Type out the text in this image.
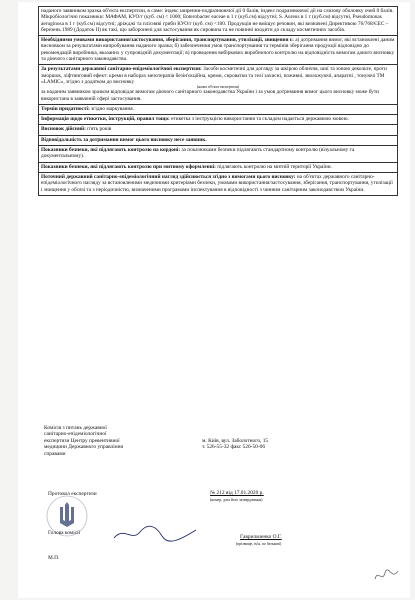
наданого заявником зразка об'єкта експертизи, в саме: індекс ширення-подразнюючої дії 0 балів, індекс подразнюючої дії на слизову оболонку очей 0 балів. Мікробіологічні показники: МАФАМ, КУО/г (куб. см) < 1000; Enterobacter еасеае в 1 г (куб.см) відсутні; S. Aureus в 1 г (куб.см) відсутні, Pseudomonas aeruginosa в 1 г (куб.см) відсутні; дріжджі та пліснявi гриби КУО/г (куб. см) <100. Продукція не вміщує речовин, які визначені Директивою 76/768/ЄЕС – березень 1989 (Додаток II) як такі, що заборонені для застосування як сировина та не повинні входити до складу косметичних засобів.

Необхідними умовами використання/застосування, зберігання, транспортування, утилізації, знищення є: а) дотримання вимог, які встановлені даним висновком за результатами випробування наданого зразка; б) забезпечення умов транспортування та термінів зберігання продукції відповідно до рекомендацій виробника, вказаних у супровідній документації; в) проведення вибіркових виробничого контролю на відповідність вимогам даного висновку та діючого санітарного законодавства.

За результатами державної санітарно-епідеміологічної експертизи: Засоби косметичні для догляду за шкірою обличчя, шиї та зоною декольте, проти зморшок, ліфтинговий ефект: креми в наборах мезотерапія безін'єкційна, креми, сироватки та гелі захисні, поживні, зволожуючі, апаратні , тонуючі ТМ «LAMIC», згідно з додатком до висновку

(назва об'єкта експертизи)

за наданим заявником зразком відповідає вимогам діючого санітарного законодавства України і за умов дотримання вимог цього висновку може бути використана в заявленій сфері застосування.

Термін придатності: згідно маркування.

Інформація щодо етикетки, інструкцій, правил тощо: етикетка з інструкцією використання та складом надається державною мовою.

Висновок дійсний: п'ять років

Відповідальність за дотримання вимог цього висновку несе заявник.

Показники безпеки, які підлягають контролю на кордоні: за показниками безпеки підлягають стандартному контролю (візуальному та документальному).

Показники безпеки, які підлягають контролю при митному оформленні: підлягають контролю на митній території України.

Поточний державний санітарно-епідеміологічний нагляд здійснюється згідно з вимогами цього висновку: на об'єктах державного санітарно-епідеміологічного нагляду за встановленими медичними критеріями безпеки, умовами використання/застосування, зберігання, транспортування, утилізації і знищення у обсязі та з періодичністю, визначеними програмами інспектування в відповідності з чинним санітарним законодавством України.

Комісія з питань державної
санітарно-епідеміологічної
експертизи Центру превентивної
медицини Державного управління
справами
м. Київ, вул. Заболотного, 15
т. 526-55-32 факс 526-50-06
Протокол експертизи	№ 212 від 17.01.2020 р.
(номер, дата його затвердження)
Голова комісії
М.П.
Гаврильченко О.Г.
(прізвище, ім'я, по батькові)
